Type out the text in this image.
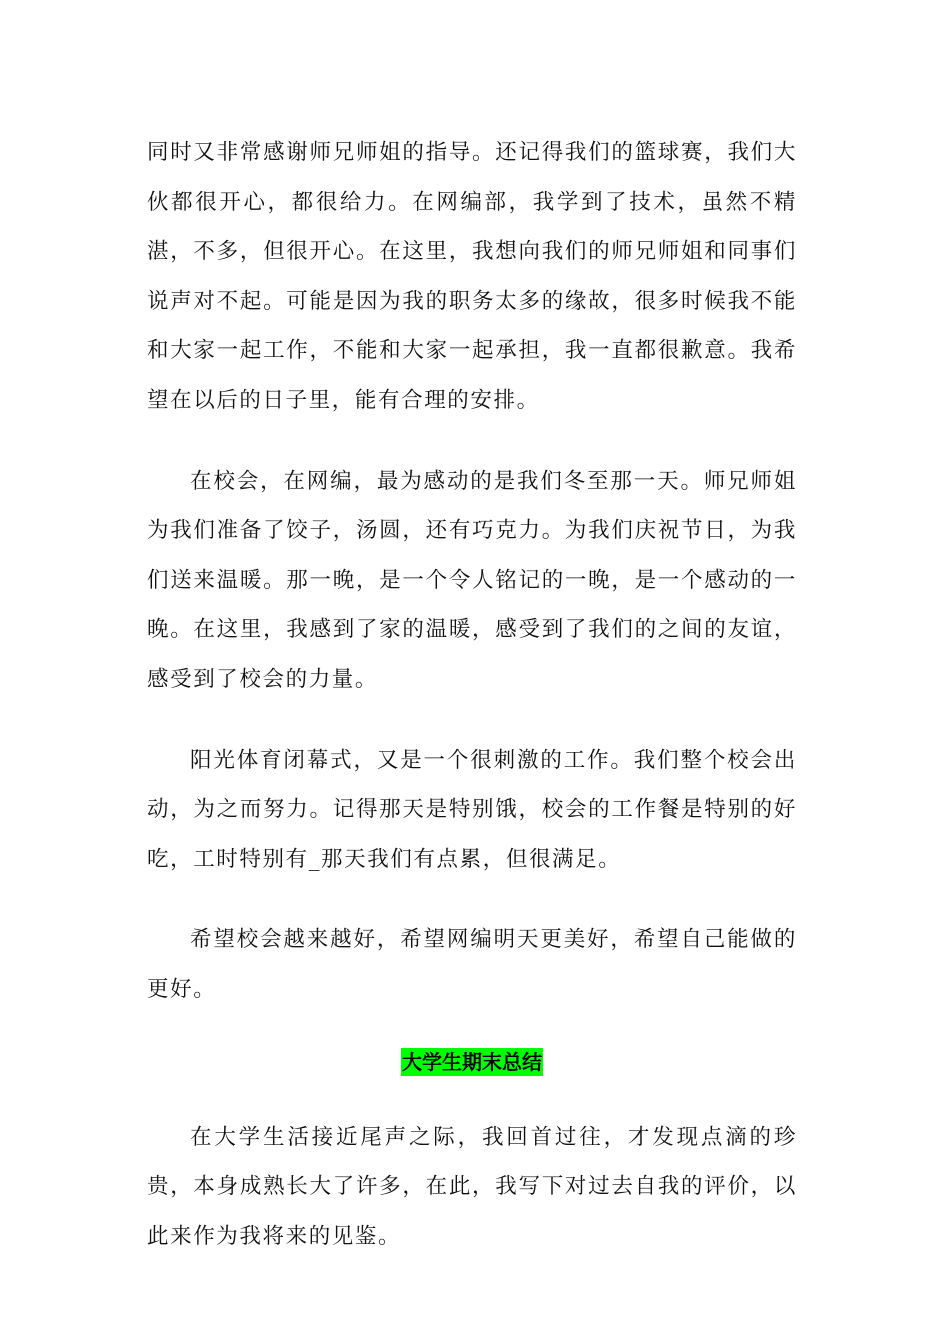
同时又非常感谢师兄师姐的指导。还记得我们的篮球赛，我们大伙都很开心，都很给力。在网编部，我学到了技术，虽然不精湛，不多，但很开心。在这里，我想向我们的师兄师姐和同事们说声对不起。可能是因为我的职务太多的缘故，很多时候我不能和大家一起工作，不能和大家一起承担，我一直都很歉意。我希望在以后的日子里，能有合理的安排。

在校会，在网编，最为感动的是我们冬至那一天。师兄师姐为我们准备了饺子，汤圆，还有巧克力。为我们庆祝节日，为我们送来温暖。那一晚，是一个令人铭记的一晚，是一个感动的一晚。在这里，我感到了家的温暖，感受到了我们的之间的友谊，感受到了校会的力量。

阳光体育闭幕式，又是一个很刺激的工作。我们整个校会出动，为之而努力。记得那天是特别饿，校会的工作餐是特别的好吃，工时特别有_那天我们有点累，但很满足。

希望校会越来越好，希望网编明天更美好，希望自己能做的更好。

大学生期末总结

在大学生活接近尾声之际，我回首过往，才发现点滴的珍贵，本身成熟长大了许多，在此，我写下对过去自我的评价，以此来作为我将来的见鉴。
